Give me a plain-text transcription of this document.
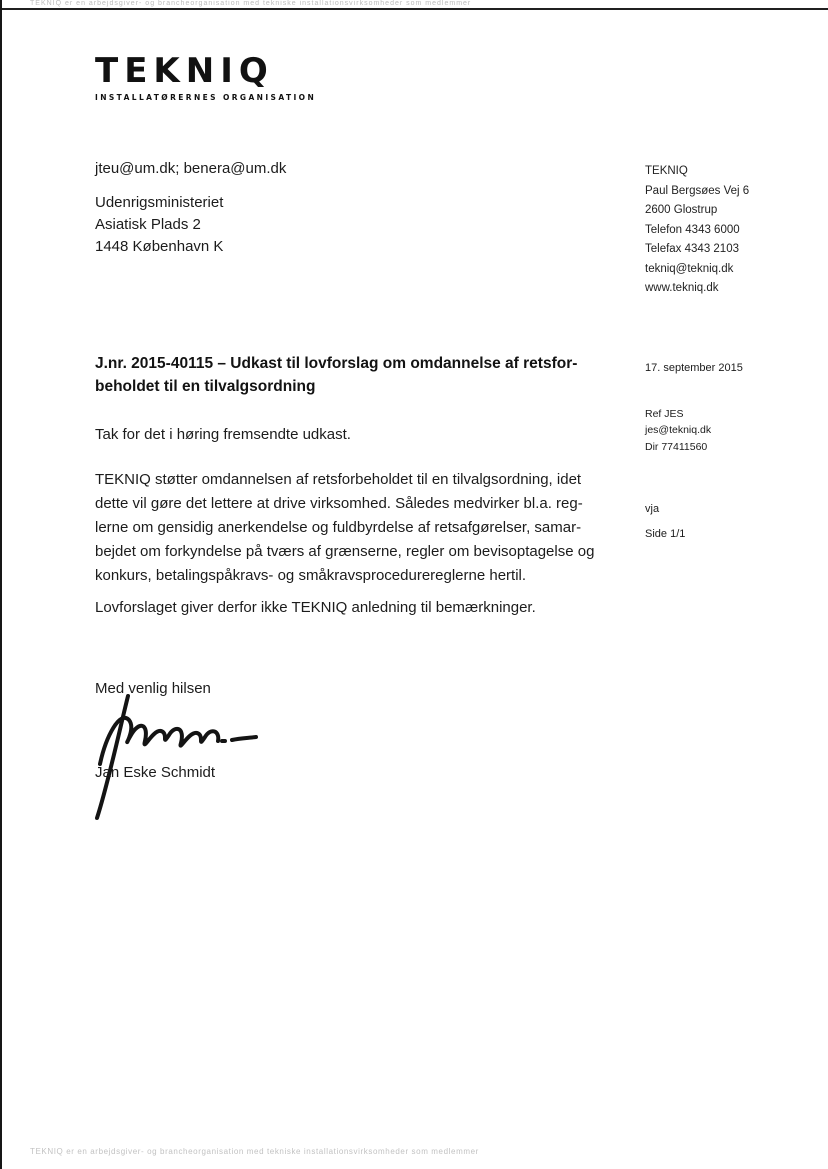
TEKNIQ er en arbejdsgiver- og brancheorganisation med tekniske installationsvirksomheder som medlemmer
TEKNIQ
INSTALLATØRERNES ORGANISATION
jteu@um.dk; benera@um.dk
Udenrigsministeriet
Asiatisk Plads 2
1448 København K
TEKNIQ
Paul Bergsøes Vej 6
2600 Glostrup
Telefon 4343 6000
Telefax 4343 2103
tekniq@tekniq.dk
www.tekniq.dk
17. september 2015
Ref JES
jes@tekniq.dk
Dir 77411560
vja
Side 1/1
J.nr. 2015-40115 – Udkast til lovforslag om omdannelse af retsfor-
beholdet til en tilvalgsordning
Tak for det i høring fremsendte udkast.
TEKNIQ støtter omdannelsen af retsforbeholdet til en tilvalgsordning, idet
dette vil gøre det lettere at drive virksomhed. Således medvirker bl.a. reg-
lerne om gensidig anerkendelse og fuldbyrdelse af retsafgørelser, samar-
bejdet om forkyndelse på tværs af grænserne, regler om bevisoptagelse og
konkurs, betalingspåkravs- og småkravsprocedurereglerne hertil.
Lovforslaget giver derfor ikke TEKNIQ anledning til bemærkninger.
Med venlig hilsen
Jan Eske Schmidt
TEKNIQ er en arbejdsgiver- og brancheorganisation med tekniske installationsvirksomheder som medlemmer
